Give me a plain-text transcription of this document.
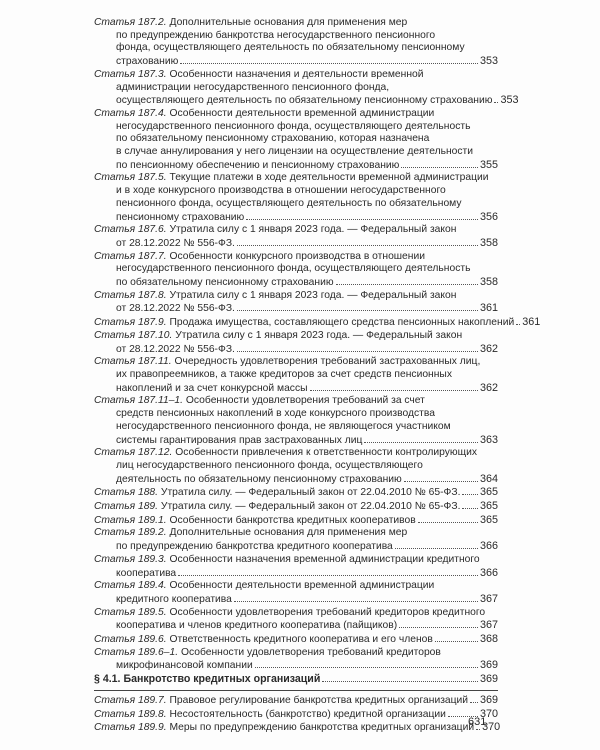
Статья 187.2. Дополнительные основания для применения мер
по предупреждению банкротства негосударственного пенсионного
фонда, осуществляющего деятельность по обязательному пенсионному
страхованию	353
Статья 187.3. Особенности назначения и деятельности временной
администрации негосударственного пенсионного фонда,
осуществляющего деятельность по обязательному пенсионному страхованию 353
Статья 187.4. Особенности деятельности временной администрации
негосударственного пенсионного фонда, осуществляющего деятельность
по обязательному пенсионному страхованию, которая назначена
в случае аннулирования у него лицензии на осуществление деятельности
по пенсионному обеспечению и пенсионному страхованию	355
Статья 187.5. Текущие платежи в ходе деятельности временной администрации
и в ходе конкурсного производства в отношении негосударственного
пенсионного фонда, осуществляющего деятельность по обязательному
пенсионному страхованию	356
Статья 187.6. Утратила силу с 1 января 2023 года. — Федеральный закон
от 28.12.2022 № 556-ФЗ.	358
Статья 187.7. Особенности конкурсного производства в отношении
негосударственного пенсионного фонда, осуществляющего деятельность
по обязательному пенсионному страхованию	358
Статья 187.8. Утратила силу с 1 января 2023 года. — Федеральный закон
от 28.12.2022 № 556-ФЗ.	361
Статья 187.9. Продажа имущества, составляющего средства пенсионных накоплений 361
Статья 187.10. Утратила силу с 1 января 2023 года. — Федеральный закон
от 28.12.2022 № 556-ФЗ.	362
Статья 187.11. Очередность удовлетворения требований застрахованных лиц,
их правопреемников, а также кредиторов за счет средств пенсионных
накоплений и за счет конкурсной массы	362
Статья 187.11–1. Особенности удовлетворения требований за счет
средств пенсионных накоплений в ходе конкурсного производства
негосударственного пенсионного фонда, не являющегося участником
системы гарантирования прав застрахованных лиц	363
Статья 187.12. Особенности привлечения к ответственности контролирующих
лиц негосударственного пенсионного фонда, осуществляющего
деятельность по обязательному пенсионному страхованию	364
Статья 188. Утратила силу. — Федеральный закон от 22.04.2010 № 65-ФЗ. 365
Статья 189. Утратила силу. — Федеральный закон от 22.04.2010 № 65-ФЗ. 365
Статья 189.1. Особенности банкротства кредитных кооперативов	365
Статья 189.2. Дополнительные основания для применения мер
по предупреждению банкротства кредитного кооператива	366
Статья 189.3. Особенности назначения временной администрации кредитного
кооператива	366
Статья 189.4. Особенности деятельности временной администрации
кредитного кооператива	367
Статья 189.5. Особенности удовлетворения требований кредиторов кредитного
кооператива и членов кредитного кооператива (пайщиков)	367
Статья 189.6. Ответственность кредитного кооператива и его членов	368
Статья 189.6–1. Особенности удовлетворения требований кредиторов
микрофинансовой компании	369
§ 4.1. Банкротство кредитных организаций	369
Статья 189.7. Правовое регулирование банкротства кредитных организаций 369
Статья 189.8. Несостоятельность (банкротство) кредитной организации	370
Статья 189.9. Меры по предупреждению банкротства кредитных организаций 370
631
